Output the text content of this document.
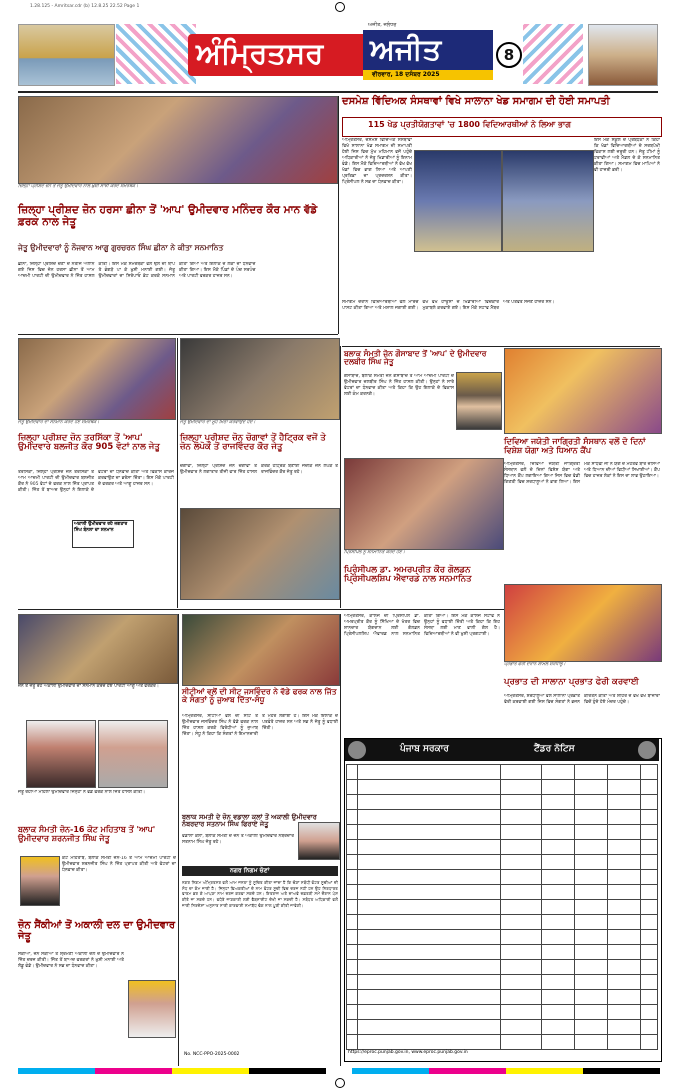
1.28.125 - Amritsar.cdr (b) 12.8.25 22.52 Page 1
ਅੰਮ੍ਰਿਤਸਰ ਅਜੀਤ
ਅਜੀਤ, ਜਲੰਧਰ
ਵੀਰਵਾਰ, 18 ਦਸੰਬਰ 2025
8
ਜ਼ਿਲ੍ਹਾ ਪ੍ਰੀਸ਼ਦ ਜ਼ੋਨ ਤੋਂ ਜੇਤੂ ਉਮੀਦਵਾਰ ਨਾਲ ਖ਼ੁਸ਼ੀ ਸਾਂਝੀ ਕਰਦੇ ਸਮਰਥਕ।
ਜ਼ਿਲ੍ਹਾ ਪ੍ਰੀਸ਼ਦ ਜ਼ੋਨ ਹਰਸਾ ਛੀਨਾ ਤੋਂ 'ਆਪ' ਉਮੀਦਵਾਰ ਮਨਿੰਦਰ ਕੌਰ ਮਾਨ ਵੱਡੇ ਫ਼ਰਕ ਨਾਲ ਜੇਤੂ
ਜੇਤੂ ਉਮੀਦਵਾਰਾਂ ਨੂੰ ਨੌਜਵਾਨ ਆਗੂ ਗੁਰਚਰਨ ਸਿੰਘ ਛੀਨਾ ਨੇ ਕੀਤਾ ਸਨਮਾਨਿਤ
ਛੀਨਾ, ਜ਼ਿਲ੍ਹਾ ਪ੍ਰੀਸ਼ਦ ਚੋਣਾਂ ਦੇ ਨਤੀਜੇ ਐਲਾਨੇ ਗਏ ਜਿਸ ਵਿਚ ਜ਼ੋਨ ਹਰਸਾ ਛੀਨਾ ਤੋਂ ਆਮ ਆਦਮੀ ਪਾਰਟੀ ਦੀ ਉਮੀਦਵਾਰ ਨੇ ਜਿੱਤ ਹਾਸਲ ਕੀਤੀ। ਇਸ ਮੌਕੇ ਸਮਰਥਕਾਂ ਵਲੋਂ ਢੋਲ ਦੀ ਥਾਪ ਤੇ ਭੰਗੜੇ ਪਾ ਕੇ ਖ਼ੁਸ਼ੀ ਮਨਾਈ ਗਈ। ਜੇਤੂ ਉਮੀਦਵਾਰਾਂ ਦਾ ਸਿਰੋਪਾਓ ਭੇਟ ਕਰਕੇ ਸਨਮਾਨ ਕੀਤਾ ਗਿਆ ਅਤੇ ਇਲਾਕੇ ਦੇ ਲੋਕਾਂ ਦਾ ਧੰਨਵਾਦ ਕੀਤਾ ਗਿਆ। ਇਸ ਮੌਕੇ ਪਿੰਡਾਂ ਦੇ ਪੰਚ ਸਰਪੰਚ ਅਤੇ ਪਾਰਟੀ ਵਰਕਰ ਹਾਜ਼ਰ ਸਨ।
ਦਸਮੇਸ਼ ਵਿੱਦਿਅਕ ਸੰਸਥਾਵਾਂ ਵਿਖੇ ਸਾਲਾਨਾ ਖੇਡ ਸਮਾਗਮ ਦੀ ਹੋਈ ਸਮਾਪਤੀ
115 ਖੇਡ ਪ੍ਰਤੀਯੋਗਤਾਵਾਂ 'ਚ 1800 ਵਿਦਿਆਰਥੀਆਂ ਨੇ ਲਿਆ ਭਾਗ
ਅੰਮ੍ਰਿਤਸਰ, ਦਸਮੇਸ਼ ਵਿੱਦਿਅਕ ਸੰਸਥਾਵਾਂ ਵਿਖੇ ਸਾਲਾਨਾ ਖੇਡ ਸਮਾਗਮ ਦੀ ਸਮਾਪਤੀ ਹੋਈ ਜਿਸ ਵਿਚ ਮੁੱਖ ਮਹਿਮਾਨ ਵਜੋਂ ਪਹੁੰਚੇ ਅਧਿਕਾਰੀਆਂ ਨੇ ਜੇਤੂ ਖਿਡਾਰੀਆਂ ਨੂੰ ਇਨਾਮ ਵੰਡੇ। ਇਸ ਮੌਕੇ ਵਿਦਿਆਰਥੀਆਂ ਨੇ ਵੱਖ ਵੱਖ ਖੇਡਾਂ ਵਿਚ ਭਾਗ ਲਿਆ ਅਤੇ ਆਪਣੀ ਪ੍ਰਤਿਭਾ ਦਾ ਪ੍ਰਦਰਸ਼ਨ ਕੀਤਾ। ਪ੍ਰਿੰਸੀਪਲ ਨੇ ਸਭ ਦਾ ਧੰਨਵਾਦ ਕੀਤਾ।
ਇਸ ਮੌਕੇ ਸਕੂਲ ਦੇ ਪ੍ਰਬੰਧਕਾਂ ਨੇ ਕਿਹਾ ਕਿ ਖੇਡਾਂ ਵਿਦਿਆਰਥੀਆਂ ਦੇ ਸਰਬਪੱਖੀ ਵਿਕਾਸ ਲਈ ਜ਼ਰੂਰੀ ਹਨ। ਜੇਤੂ ਟੀਮਾਂ ਨੂੰ ਟਰਾਫੀਆਂ ਅਤੇ ਮੈਡਲ ਦੇ ਕੇ ਸਨਮਾਨਿਤ ਕੀਤਾ ਗਿਆ। ਸਮਾਗਮ ਵਿਚ ਮਾਪਿਆਂ ਨੇ ਵੀ ਹਾਜ਼ਰੀ ਭਰੀ।
ਸਮਾਗਮ ਦੌਰਾਨ ਵਿਦਿਆਰਥੀਆਂ ਵਲੋਂ ਮਾਰਚ ਪਾਸਟ ਕੀਤਾ ਗਿਆ ਅਤੇ ਮਸ਼ਾਲ ਜਗਾਈ ਗਈ। ਵੱਖ ਵੱਖ ਹਾਊਸਾਂ ਦੇ ਖਿਡਾਰੀਆਂ ਵਿਚਕਾਰ ਮੁਕਾਬਲੇ ਕਰਵਾਏ ਗਏ। ਇਸ ਮੌਕੇ ਸਟਾਫ ਮੈਂਬਰ ਅਤੇ ਪਤਵੰਤੇ ਸੱਜਣ ਹਾਜ਼ਰ ਸਨ।
ਜੇਤੂ ਉਮੀਦਵਾਰ ਦਾ ਸਨਮਾਨ ਕਰਦੇ ਹੋਏ ਸਮਰਥਕ।
ਜ਼ਿਲ੍ਹਾ ਪ੍ਰੀਸ਼ਦ ਜ਼ੋਨ ਤਰਸਿੱਕਾ ਤੋਂ 'ਆਪ' ਉਮੀਦਵਾਰ ਬਲਜੀਤ ਕੌਰ 905 ਵੋਟਾਂ ਨਾਲ ਜੇਤੂ
ਤਰਸਿੱਕਾ, ਜ਼ਿਲ੍ਹਾ ਪ੍ਰੀਸ਼ਦ ਜ਼ੋਨ ਤਰਸਿੱਕਾ ਤੋਂ ਆਮ ਆਦਮੀ ਪਾਰਟੀ ਦੀ ਉਮੀਦਵਾਰ ਬਲਜੀਤ ਕੌਰ ਨੇ 905 ਵੋਟਾਂ ਦੇ ਫਰਕ ਨਾਲ ਜਿੱਤ ਪ੍ਰਾਪਤ ਕੀਤੀ। ਜਿੱਤ ਤੋਂ ਬਾਅਦ ਉਨ੍ਹਾਂ ਨੇ ਇਲਾਕੇ ਦੇ ਵੋਟਰਾਂ ਦਾ ਧੰਨਵਾਦ ਕੀਤਾ ਅਤੇ ਵਿਕਾਸ ਕਾਰਜ ਕਰਵਾਉਣ ਦਾ ਭਰੋਸਾ ਦਿੱਤਾ। ਇਸ ਮੌਕੇ ਪਾਰਟੀ ਦੇ ਵਰਕਰ ਅਤੇ ਆਗੂ ਹਾਜ਼ਰ ਸਨ।
ਅਕਾਲੀ ਉਮੀਦਵਾਰ ਰਹੇ ਜਗਤਾਰ ਸਿੰਘ ਬੰਨਲਾ ਦਾ ਸਨਮਾਨ
ਜੇਤੂ ਉਮੀਦਵਾਰ ਦਾ ਮੂੰਹ ਮਿੱਠਾ ਕਰਵਾਉਂਦੇ ਹੋਏ।
ਜ਼ਿਲ੍ਹਾ ਪ੍ਰੀਸ਼ਦ ਜ਼ੋਨ ਚੋਗਾਵਾਂ ਤੋਂ ਹੈਟ੍ਰਿਕ ਵਜੋਂ ਤੇ ਜ਼ੋਨ ਲੋਪੋਕੇ ਤੋਂ ਰਾਜਵਿੰਦਰ ਕੌਰ ਜੇਤੂ
ਚੋਗਾਵਾਂ, ਜ਼ਿਲ੍ਹਾ ਪ੍ਰੀਸ਼ਦ ਜ਼ੋਨ ਚੋਗਾਵਾਂ ਤੋਂ ਉਮੀਦਵਾਰ ਨੇ ਲਗਾਤਾਰ ਤੀਜੀ ਵਾਰ ਜਿੱਤ ਹਾਸਲ ਕਰਕੇ ਹੈਟ੍ਰਿਕ ਬਣਾਈ ਜਦਕਿ ਜ਼ੋਨ ਲੋਪੋਕੇ ਤੋਂ ਰਾਜਵਿੰਦਰ ਕੌਰ ਜੇਤੂ ਰਹੇ।
ਬਲਾਕ ਸੰਮਤੀ ਜ਼ੋਨ ਗੌਸਾਬਾਦ ਤੋਂ 'ਆਪ' ਦੇ ਉਮੀਦਵਾਰ ਦਲਬੀਰ ਸਿੰਘ ਜੇਤੂ
ਗੌਸਾਬਾਦ, ਬਲਾਕ ਸੰਮਤੀ ਜ਼ੋਨ ਗੌਸਾਬਾਦ ਤੋਂ ਆਮ ਆਦਮੀ ਪਾਰਟੀ ਦੇ ਉਮੀਦਵਾਰ ਦਲਬੀਰ ਸਿੰਘ ਨੇ ਜਿੱਤ ਹਾਸਲ ਕੀਤੀ। ਉਨ੍ਹਾਂ ਨੇ ਸਾਰੇ ਵੋਟਰਾਂ ਦਾ ਧੰਨਵਾਦ ਕੀਤਾ ਅਤੇ ਕਿਹਾ ਕਿ ਉਹ ਇਲਾਕੇ ਦੇ ਵਿਕਾਸ ਲਈ ਕੰਮ ਕਰਨਗੇ।
ਦਿਵਿਆ ਜਯੋਤੀ ਜਾਗ੍ਰਿਤੀ ਸੰਸਥਾਨ ਵਲੋਂ ਦੋ ਦਿਨਾਂ ਵਿਸ਼ੇਸ਼ ਯੋਗਾ ਅਤੇ ਧਿਆਨ ਕੈਂਪ
ਅੰਮ੍ਰਿਤਸਰ, ਦਿਵਿਆ ਜਯੋਤੀ ਜਾਗ੍ਰਿਤੀ ਸੰਸਥਾਨ ਵਲੋਂ ਦੋ ਦਿਨਾਂ ਵਿਸ਼ੇਸ਼ ਯੋਗਾ ਅਤੇ ਧਿਆਨ ਕੈਂਪ ਲਗਾਇਆ ਗਿਆ ਜਿਸ ਵਿਚ ਵੱਡੀ ਗਿਣਤੀ ਵਿਚ ਸ਼ਰਧਾਲੂਆਂ ਨੇ ਭਾਗ ਲਿਆ। ਇਸ ਮੌਕੇ ਸਾਧਵੀ ਜੀ ਨੇ ਯੋਗ ਦੇ ਮਹੱਤਵ ਬਾਰੇ ਦੱਸਿਆ ਅਤੇ ਧਿਆਨ ਦੀਆਂ ਵਿਧੀਆਂ ਸਿਖਾਈਆਂ। ਕੈਂਪ ਵਿਚ ਹਾਜ਼ਰ ਲੋਕਾਂ ਨੇ ਇਸ ਦਾ ਲਾਭ ਉਠਾਇਆ।
ਪ੍ਰਿੰਸੀਪਲ ਨੂੰ ਸਨਮਾਨਿਤ ਕਰਦੇ ਹੋਏ।
ਪ੍ਰਿੰਸੀਪਲ ਡਾ. ਅਮਰਪ੍ਰੀਤ ਕੌਰ ਗੋਲਡਨ ਪ੍ਰਿੰਸੀਪਲਸ਼ਿਪ ਐਵਾਰਡ ਨਾਲ ਸਨਮਾਨਿਤ
ਜ਼ੋਨ ਤੋਂ ਜੇਤੂ ਰਹੇ ਅਕਾਲੀ ਉਮੀਦਵਾਰ ਦਾ ਸਨਮਾਨ ਕਰਦੇ ਹੋਏ ਪਾਰਟੀ ਆਗੂ ਅਤੇ ਵਰਕਰ।
ਜੇਤੂ ਰਹੀਆਂ ਮਹਿਲਾ ਉਮੀਦਵਾਰ ਜਿਨ੍ਹਾਂ ਨੇ ਵੱਡੇ ਫਰਕ ਨਾਲ ਜਿੱਤ ਹਾਸਲ ਕੀਤੀ।
ਬਲਾਕ ਸੰਮਤੀ ਜ਼ੋਨ-16 ਕੋਟ ਮਹਿਤਾਬ ਤੋਂ 'ਆਪ' ਉਮੀਦਵਾਰ ਸ਼ਰਨਜੀਤ ਸਿੰਘ ਜੇਤੂ
ਕੋਟ ਮਹਿਤਾਬ, ਬਲਾਕ ਸੰਮਤੀ ਜ਼ੋਨ-16 ਤੋਂ ਆਮ ਆਦਮੀ ਪਾਰਟੀ ਦੇ ਉਮੀਦਵਾਰ ਸ਼ਰਨਜੀਤ ਸਿੰਘ ਨੇ ਜਿੱਤ ਪ੍ਰਾਪਤ ਕੀਤੀ ਅਤੇ ਵੋਟਰਾਂ ਦਾ ਧੰਨਵਾਦ ਕੀਤਾ।
ਜ਼ੋਨ ਸੈਂਕੀਆਂ ਤੋਂ ਅਕਾਲੀ ਦਲ ਦਾ ਉਮੀਦਵਾਰ ਜੇਤੂ
ਸੈਂਕੀਆਂ, ਜ਼ੋਨ ਸੈਂਕੀਆਂ ਤੋਂ ਸ਼੍ਰੋਮਣੀ ਅਕਾਲੀ ਦਲ ਦੇ ਉਮੀਦਵਾਰ ਨੇ ਜਿੱਤ ਦਰਜ ਕੀਤੀ। ਜਿੱਤ ਤੋਂ ਬਾਅਦ ਵਰਕਰਾਂ ਨੇ ਖ਼ੁਸ਼ੀ ਮਨਾਈ ਅਤੇ ਲੱਡੂ ਵੰਡੇ। ਉਮੀਦਵਾਰ ਨੇ ਸਭ ਦਾ ਧੰਨਵਾਦ ਕੀਤਾ।
ਸੀਟੀਆਂ ਵਲੋਂ ਦੀ ਸੀਟ ਜਸਵਿੰਦਰ ਨੇ ਵੱਡੇ ਫਰਕ ਨਾਲ ਜਿੱਤ ਕੇ ਸੰਗਤਾਂ ਨੂੰ ਜੁਆਬ ਦਿੱਤਾ-ਸੰਧੂ
ਅੰਮ੍ਰਿਤਸਰ, ਸੀਟੀਆਂ ਵਲੋਂ ਦੀ ਸੀਟ ਤੋਂ ਉਮੀਦਵਾਰ ਜਸਵਿੰਦਰ ਸਿੰਘ ਨੇ ਵੱਡੇ ਫਰਕ ਨਾਲ ਜਿੱਤ ਹਾਸਲ ਕਰਕੇ ਵਿਰੋਧੀਆਂ ਨੂੰ ਜੁਆਬ ਦਿੱਤਾ। ਸੰਧੂ ਨੇ ਕਿਹਾ ਕਿ ਸੰਗਤਾਂ ਨੇ ਇਮਾਨਦਾਰੀ ਤੇ ਮੋਹਰ ਲਗਾਈ ਹੈ। ਇਸ ਮੌਕੇ ਇਲਾਕੇ ਦੇ ਪਤਵੰਤੇ ਹਾਜ਼ਰ ਸਨ ਅਤੇ ਸਭ ਨੇ ਜੇਤੂ ਨੂੰ ਵਧਾਈ ਦਿੱਤੀ।
ਬਲਾਕ ਸਮਤੀ ਦੇ ਜ਼ੋਨ ਵਡਾਲਾ ਕਲਾਂ ਤੋਂ ਅਕਾਲੀ ਉਮੀਦਵਾਰ ਨੰਬਰਦਾਰ ਸਤਨਾਮ ਸਿੰਘ ਫਿਰਾਏ ਜੇਤੂ
ਵਡਾਲਾ ਕਲਾਂ, ਬਲਾਕ ਸਮਤੀ ਦੇ ਜ਼ੋਨ ਤੋਂ ਅਕਾਲੀ ਉਮੀਦਵਾਰ ਨੰਬਰਦਾਰ ਸਤਨਾਮ ਸਿੰਘ ਜੇਤੂ ਰਹੇ।
ਨਗਰ ਨਿਗਮ ਚੋਣਾਂ
ਨਗਰ ਨਿਗਮ ਅੰਮ੍ਰਿਤਸਰ ਵਲੋਂ ਆਮ ਜਨਤਾ ਨੂੰ ਸੂਚਿਤ ਕੀਤਾ ਜਾਂਦਾ ਹੈ ਕਿ ਚੋਣਾਂ ਸਬੰਧੀ ਵੋਟਰ ਸੂਚੀਆਂ ਦੀ ਸੋਧ ਦਾ ਕੰਮ ਜਾਰੀ ਹੈ। ਜਿਨ੍ਹਾਂ ਵਿਅਕਤੀਆਂ ਦੇ ਨਾਮ ਵੋਟਰ ਸੂਚੀ ਵਿਚ ਦਰਜ ਨਹੀਂ ਹਨ ਉਹ ਨਿਰਧਾਰਤ ਫਾਰਮ ਭਰ ਕੇ ਆਪਣਾ ਨਾਮ ਦਰਜ ਕਰਵਾ ਸਕਦੇ ਹਨ। ਇਤਰਾਜ਼ ਅਤੇ ਦਾਅਵੇ ਦਫ਼ਤਰੀ ਸਮੇਂ ਦੌਰਾਨ ਪੇਸ਼ ਕੀਤੇ ਜਾ ਸਕਦੇ ਹਨ। ਵਧੇਰੇ ਜਾਣਕਾਰੀ ਲਈ ਵੈਬਸਾਈਟ ਦੇਖੀ ਜਾ ਸਕਦੀ ਹੈ। ਸਬੰਧਤ ਅਧਿਕਾਰੀ ਵਲੋਂ ਜਾਰੀ ਨਿਰਦੇਸ਼ਾਂ ਅਨੁਸਾਰ ਸਾਰੀ ਕਾਰਵਾਈ ਸਮਾਂਬੱਧ ਢੰਗ ਨਾਲ ਪੂਰੀ ਕੀਤੀ ਜਾਵੇਗੀ।
No. NCC-PPO-2025-0002
ਅੰਮ੍ਰਿਤਸਰ, ਕਾਲਜ ਦੀ ਪ੍ਰਿੰਸੀਪਲ ਡਾ. ਅਮਰਪ੍ਰੀਤ ਕੌਰ ਨੂੰ ਸਿੱਖਿਆ ਦੇ ਖੇਤਰ ਵਿਚ ਸ਼ਾਨਦਾਰ ਯੋਗਦਾਨ ਲਈ ਗੋਲਡਨ ਪ੍ਰਿੰਸੀਪਲਸ਼ਿਪ ਐਵਾਰਡ ਨਾਲ ਸਨਮਾਨਿਤ ਕੀਤਾ ਗਿਆ। ਇਸ ਮੌਕੇ ਕਾਲਜ ਸਟਾਫ ਨੇ ਉਨ੍ਹਾਂ ਨੂੰ ਵਧਾਈ ਦਿੱਤੀ ਅਤੇ ਕਿਹਾ ਕਿ ਇਹ ਸੰਸਥਾ ਲਈ ਮਾਣ ਵਾਲੀ ਗੱਲ ਹੈ। ਵਿਦਿਆਰਥੀਆਂ ਨੇ ਵੀ ਖ਼ੁਸ਼ੀ ਪ੍ਰਗਟਾਈ।
ਪ੍ਰਭਾਤ ਫੇਰੀ ਦੌਰਾਨ ਸ਼ਾਮਲ ਸ਼ਰਧਾਲੂ।
ਪ੍ਰਭਾਤ ਦੀ ਸਾਲਾਨਾ ਪ੍ਰਭਾਤ ਫੇਰੀ ਕਰਵਾਈ
ਅੰਮ੍ਰਿਤਸਰ, ਸ਼ਰਧਾਲੂਆਂ ਵਲੋਂ ਸਾਲਾਨਾ ਪ੍ਰਭਾਤ ਫੇਰੀ ਕਰਵਾਈ ਗਈ ਜਿਸ ਵਿਚ ਸੰਗਤਾਂ ਨੇ ਭਜਨ ਕੀਰਤਨ ਕੀਤਾ ਅਤੇ ਸ਼ਹਿਰ ਦੇ ਵੱਖ ਵੱਖ ਬਾਜ਼ਾਰਾਂ ਵਿਚੋਂ ਹੁੰਦੇ ਹੋਏ ਮੰਦਰ ਪਹੁੰਚੇ।
ਪੰਜਾਬ ਸਰਕਾਰ	ਟੈਂਡਰ ਨੋਟਿਸ

https://eproc.punjab.gov.in, www.eproc.punjab.gov.in
